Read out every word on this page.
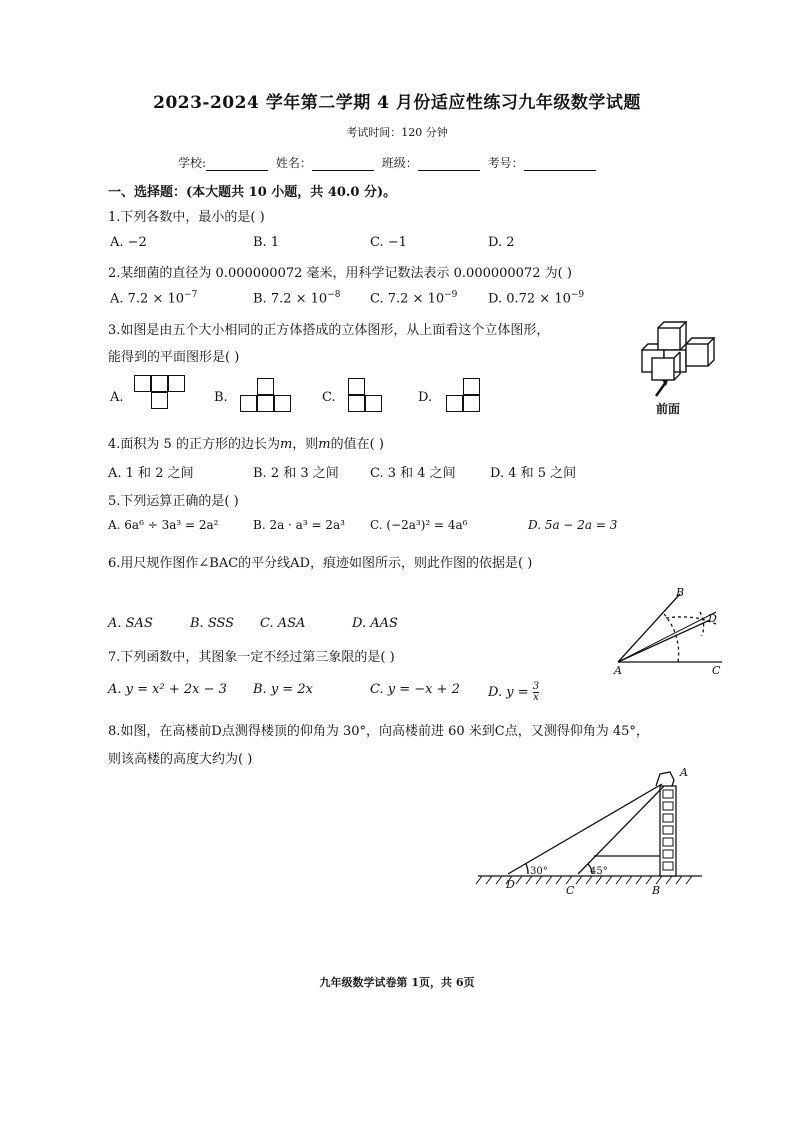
2023-2024 学年第二学期 4 月份适应性练习九年级数学试题
考试时间：120 分钟
学校:	姓名：	班级：	考号：
一、选择题：(本大题共 10 小题，共 40.0 分)。
1.下列各数中，最小的是( )
A. −2	B. 1	C. −1	D. 2
2.某细菌的直径为 0.000000072 毫米，用科学记数法表示 0.000000072 为( )
A. $7.2 \times 10^{-7}$	B. $7.2 \times 10^{-8}$ C. $7.2 \times 10^{-9}$ D. $0.72 \times 10^{-9}$
3.如图是由五个大小相同的正方体搭成的立体图形，从上面看这个立体图形，
能得到的平面图形是( )
前面
A.	B.	C.	D.
4.面积为 5 的正方形的边长为m，则m的值在( )
A. 1 和 2 之间	B. 2 和 3 之间 C. 3 和 4 之间	D. 4 和 5 之间
5.下列运算正确的是( )
A. 6a⁶ ÷ 3a³ = 2a²	B. 2a · a³ = 2a³ C. (−2a³)² = 4a⁶	D. 5a − 2a = 3
6.用尺规作图作∠BAC的平分线AD，痕迹如图所示，则此作图的依据是( )
A. SAS	B. SSS C. ASA	D. AAS
B
D
A	C
7.下列函数中，其图象一定不经过第三象限的是( )
A. y = x² + 2x − 3 B. y = 2x	C. y = −x + 2 D. $y = \frac{3}{x}$
8.如图，在高楼前D点测得楼顶的仰角为 30°，向高楼前进 60 米到C点，又测得仰角为 45°，
则该高楼的高度大约为( )
30°	45°
D	C	B
A
九年级数学试卷第 1页，共 6页
